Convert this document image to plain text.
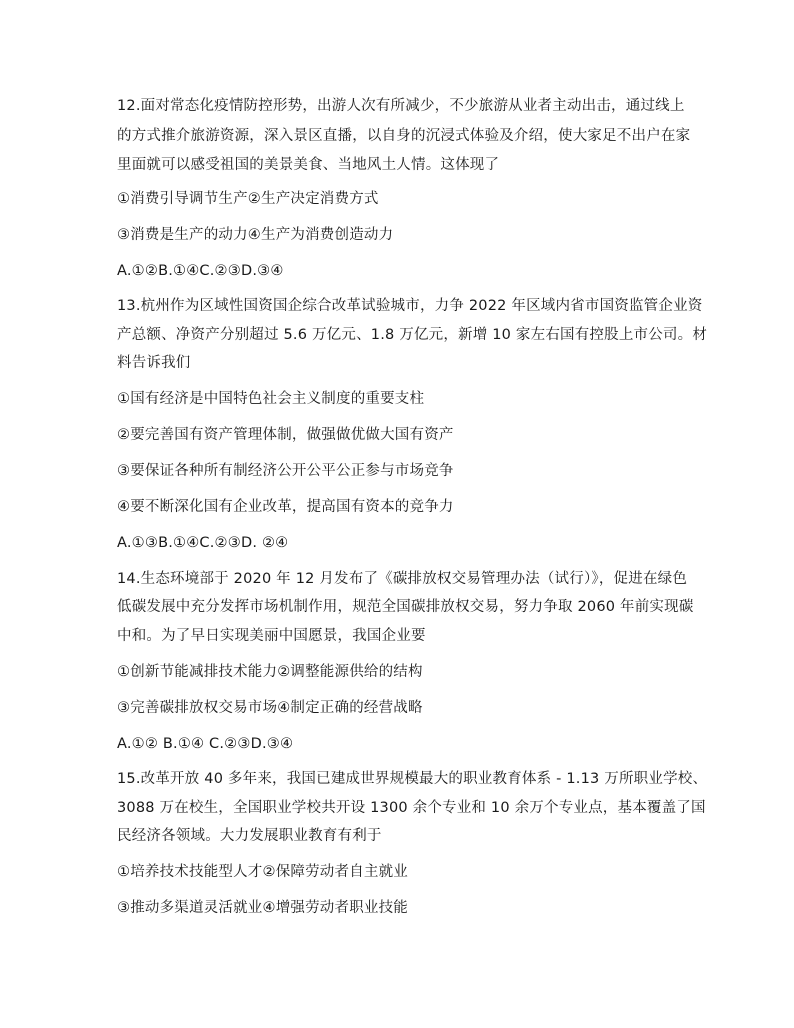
12.面对常态化疫情防控形势，出游人次有所减少，不少旅游从业者主动出击，通过线上
的方式推介旅游资源，深入景区直播，以自身的沉浸式体验及介绍，使大家足不出户在家
里面就可以感受祖国的美景美食、当地风土人情。这体现了
①消费引导调节生产②生产决定消费方式
③消费是生产的动力④生产为消费创造动力
A.①②B.①④C.②③D.③④
13.杭州作为区域性国资国企综合改革试验城市，力争 2022 年区域内省市国资监管企业资
产总额、净资产分别超过 5.6 万亿元、1.8 万亿元，新增 10 家左右国有控股上市公司。材
料告诉我们
①国有经济是中国特色社会主义制度的重要支柱
②要完善国有资产管理体制，做强做优做大国有资产
③要保证各种所有制经济公开公平公正参与市场竞争
④要不断深化国有企业改革，提高国有资本的竞争力
A.①③B.①④C.②③D. ②④
14.生态环境部于 2020 年 12 月发布了《碳排放权交易管理办法（试行）》，促进在绿色
低碳发展中充分发挥市场机制作用，规范全国碳排放权交易，努力争取 2060 年前实现碳
中和。为了早日实现美丽中国愿景，我国企业要
①创新节能减排技术能力②调整能源供给的结构
③完善碳排放权交易市场④制定正确的经营战略
A.①② B.①④ C.②③D.③④
15.改革开放 40 多年来，我国已建成世界规模最大的职业教育体系 - 1.13 万所职业学校、
3088 万在校生，全国职业学校共开设 1300 余个专业和 10 余万个专业点，基本覆盖了国
民经济各领域。大力发展职业教育有利于
①培养技术技能型人才②保障劳动者自主就业
③推动多渠道灵活就业④增强劳动者职业技能
